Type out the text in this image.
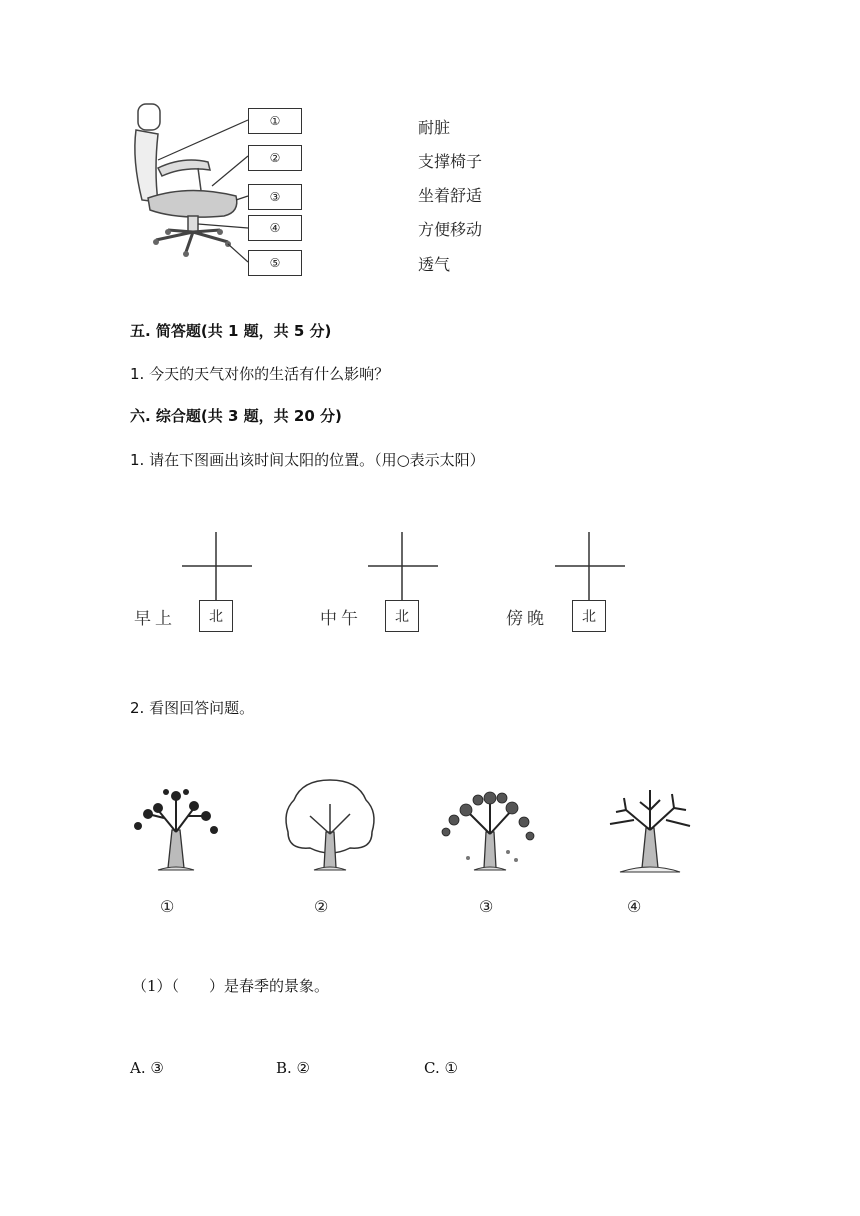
①
②
③
④
⑤
耐脏
支撑椅子
坐着舒适
方便移动
透气
五. 简答题(共 1 题，共 5 分)
1. 今天的天气对你的生活有什么影响？
六. 综合题(共 3 题，共 20 分)
1. 请在下图画出该时间太阳的位置。（用○表示太阳）
早上	北	中午	北	傍晚	北
2. 看图回答问题。
①	②	③	④
（1）（　　）是春季的景象。
A. ③	B. ②	C. ①
